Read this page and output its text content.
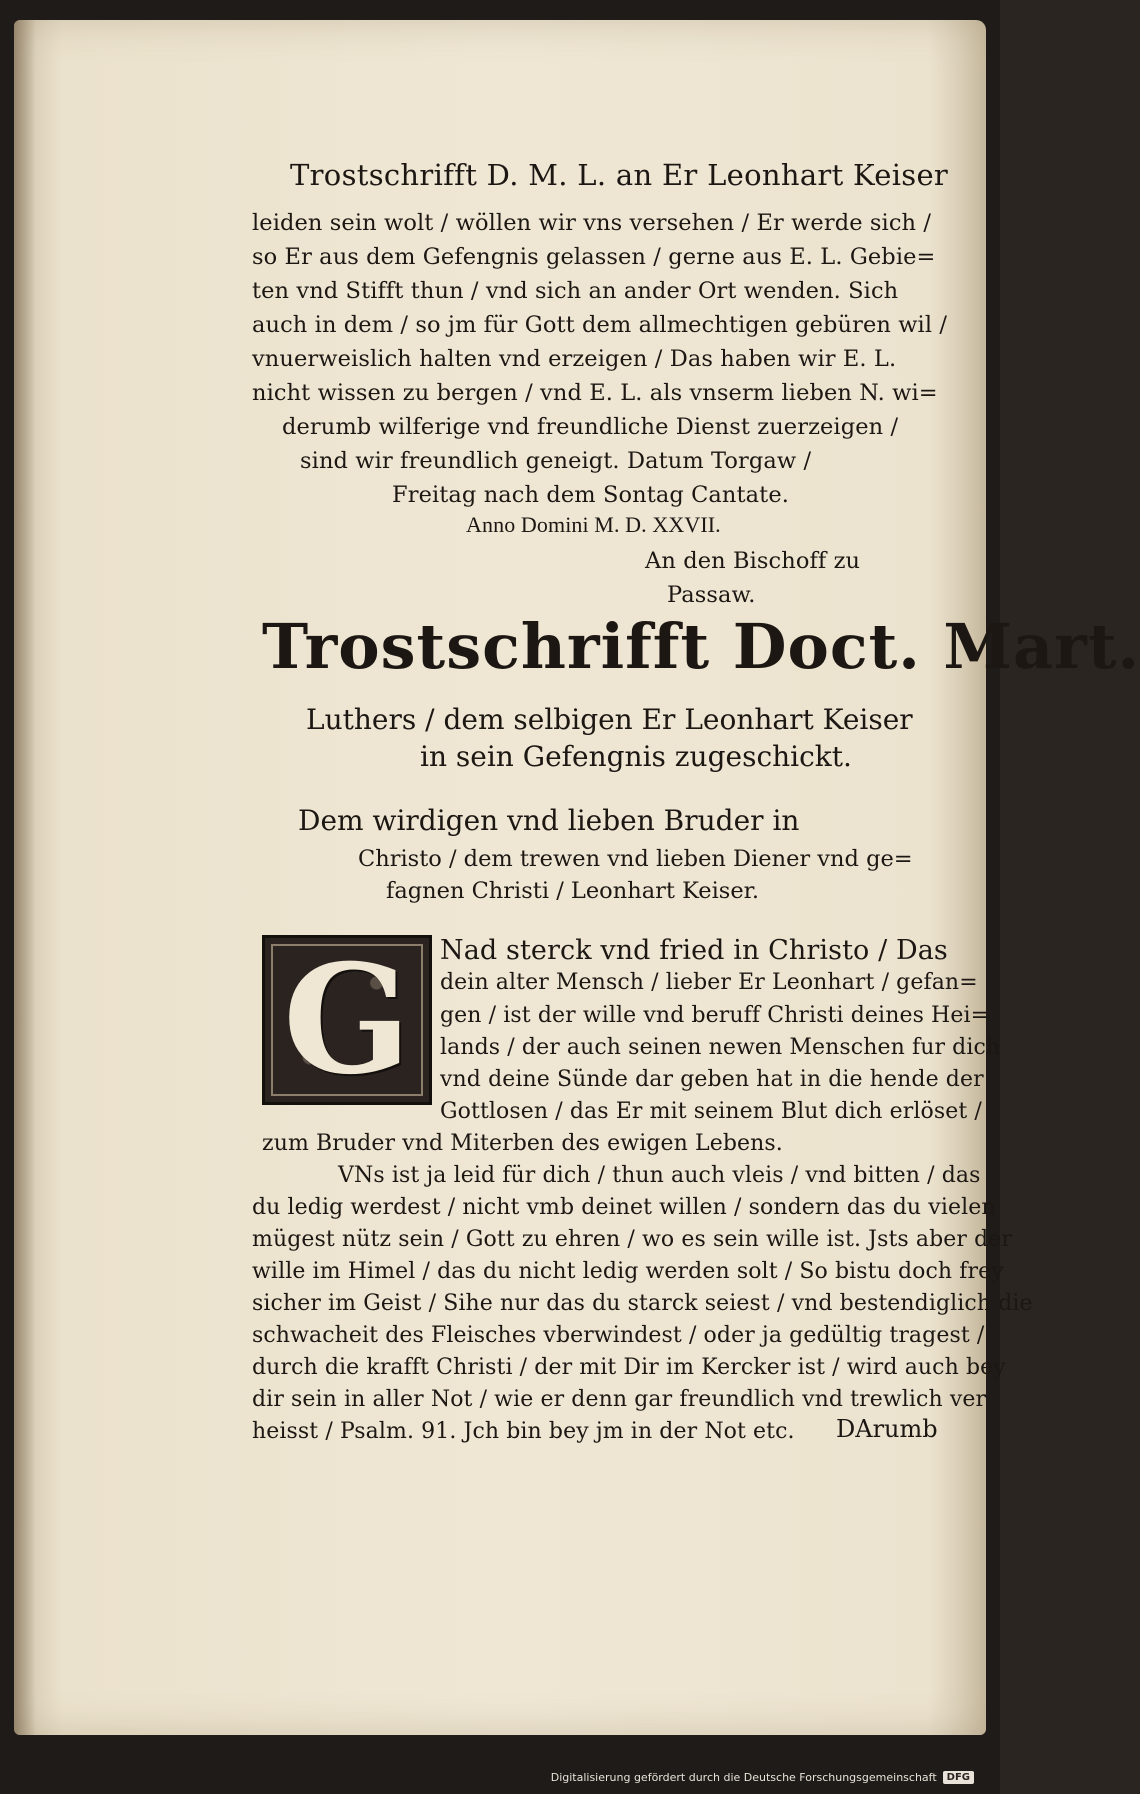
Trostschrifft D. M. L. an Er Leonhart Keiser
leiden sein wolt / wöllen wir vns versehen / Er werde sich /
so Er aus dem Gefengnis gelassen / gerne aus E. L. Gebie=
ten vnd Stifft thun / vnd sich an ander Ort wenden. Sich
auch in dem / so jm für Gott dem allmechtigen gebüren wil /
vnuerweislich halten vnd erzeigen / Das haben wir E. L.
nicht wissen zu bergen / vnd E. L. als vnserm lieben N. wi=
derumb wilferige vnd freundliche Dienst zuerzeigen /
sind wir freundlich geneigt. Datum Torgaw /
Freitag nach dem Sontag Cantate.
Anno Domini M. D. XXVII.
An den Bischoff zu
Passaw.
Trostschrifft Doct. Mart.
Luthers / dem selbigen Er Leonhart Keiser
in sein Gefengnis zugeschickt.
Dem wirdigen vnd lieben Bruder in
Christo / dem trewen vnd lieben Diener vnd ge=
fagnen Christi / Leonhart Keiser.
G	Nad sterck vnd fried in Christo / Das
dein alter Mensch / lieber Er Leonhart / gefan=
gen / ist der wille vnd beruff Christi deines Hei=
lands / der auch seinen newen Menschen fur dich
vnd deine Sünde dar geben hat in die hende der
Gottlosen / das Er mit seinem Blut dich erlöset /
zum Bruder vnd Miterben des ewigen Lebens.
VNs ist ja leid für dich / thun auch vleis / vnd bitten / das
du ledig werdest / nicht vmb deinet willen / sondern das du vielen
mügest nütz sein / Gott zu ehren / wo es sein wille ist. Jsts aber der
wille im Himel / das du nicht ledig werden solt / So bistu doch frey
sicher im Geist / Sihe nur das du starck seiest / vnd bestendiglich die
schwacheit des Fleisches vberwindest / oder ja gedültig tragest /
durch die krafft Christi / der mit Dir im Kercker ist / wird auch bey
dir sein in aller Not / wie er denn gar freundlich vnd trewlich ver
heisst / Psalm. 91. Jch bin bey jm in der Not etc. DArumb
Digitalisierung gefördert durch die Deutsche Forschungsgemeinschaft	DFG
